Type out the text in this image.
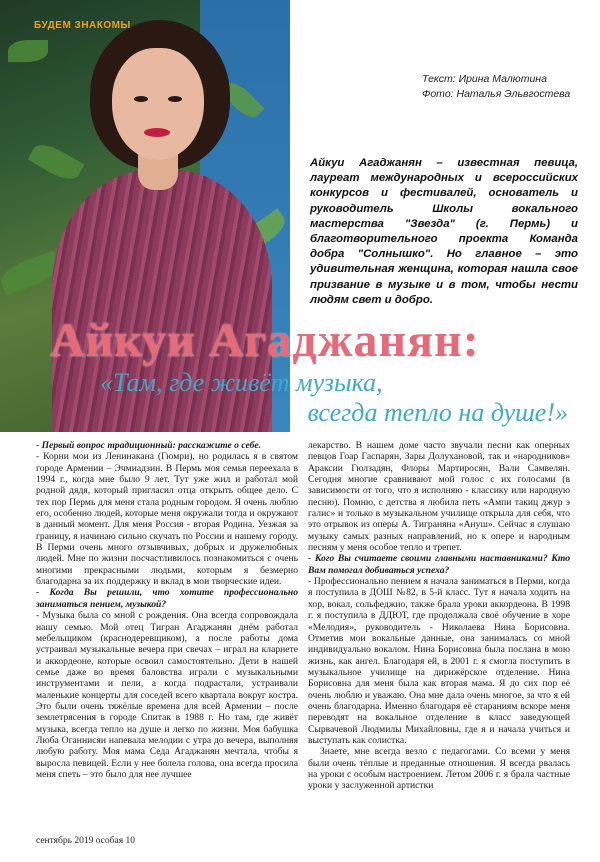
БУДЕМ ЗНАКОМЫ
Текст: Ирина Малютина
Фото: Наталья Эльвгостева
Айкуи Агаджанян – известная певица, лауреат международных и всероссийских конкурсов и фестивалей, основатель и руководитель Школы вокального мастерства "Звезда" (г. Пермь) и благотворительного проекта Команда добра "Солнышко". Но главное – это удивительная женщина, которая нашла свое призвание в музыке и в том, чтобы нести людям свет и добро.
Айкуи Агаджанян:
«Там, где живёт музыка,
всегда тепло на душе!»

- Первый вопрос традиционный: расскажите о себе.

- Корни мои из Ленинакана (Гюмри), но родилась я в святом городе Армении – Эчмиадзин. В Пермь моя семья переехала в 1994 г., когда мне было 9 лет. Тут уже жил и работал мой родной дядя, который пригласил отца открыть общее дело. С тех пор Пермь для меня стала родным городом. Я очень люблю его, особенно людей, которые меня окружали тогда и окружают в данный момент. Для меня Россия - вторая Родина. Уезжая за границу, я начинаю сильно скучать по России и нашему городу. В Перми очень много отзывчивых, добрых и дружелюбных людей. Мне по жизни посчастливилось познакомиться с очень многими прекрасными людьми, которым я безмерно благодарна за их поддержку и вклад в мои творческие идеи.

- Когда Вы решили, что хотите профессионально заниматься пением, музыкой?

- Музыка была со мной с рождения. Она всегда сопровождала нашу семью. Мой отец Тигран Агаджанян днём работал мебельщиком (краснодеревщиком), а после работы дома устраивал музыкальные вечера при свечах – играл на кларнете и аккордеоне, которые освоил самостоятельно. Дети в нашей семье даже во время баловства играли с музыкальными инструментами и пели, а когда подрастали, устраивали маленькие концерты для соседей всего квартала вокруг костра. Это были очень тяжёлые времена для всей Армении – после землетрясения в городе Спитак в 1988 г. Но там, где живёт музыка, всегда тепло на душе и легко по жизни. Моя бабушка Люба Оганнисян напевала мелодии с утра до вечера, выполняя любую работу. Моя мама Седа Агаджанян мечтала, чтобы я выросла певицей. Если у нее болела голова, она всегда просила меня спеть – это было для нее лучшее

лекарство. В нашем доме часто звучали песни как оперных певцов Гоар Гаспарян, Зары Долухановой, так и «народников» Араксии Гюлзадян, Флоры Мартиросян, Вали Самвелян. Сегодня многие сравнивают мой голос с их голосами (в зависимости от того, что я исполняю - классику или народную песню). Помню, с детства я любила петь «Ампи такиц джур э галис» и только в музыкальном училище открыла для себя, что это отрывок из оперы А. Тиграняна «Ануш». Сейчас я слушаю музыку самых разных направлений, но к опере и народным песням у меня особое тепло и трепет.

- Кого Вы считаете своими главными наставниками? Кто Вам помогал добиваться успеха?

- Профессионально пением я начала заниматься в Перми, когда я поступила в ДОШ №82, в 5-й класс. Тут я начала ходить на хор, вокал, сольфеджио, также брала уроки аккордеона. В 1998 г. я поступила в ДДЮТ, где продолжала своё обучение в хоре «Мелодия», руководитель - Николаева Нина Борисовна. Отметив мои вокальные данные, она занималась со мной индивидуально вокалом. Нина Борисовна была послана в мою жизнь, как ангел. Благодаря ей, в 2001 г. я смогла поступить в музыкальное училище на дирижёрское отделение. Нина Борисовна для меня была как вторая мама. Я до сих пор её очень люблю и уважаю. Она мне дала очень многое, за что я ей очень благодарна. Именно благодаря её стараниям вскоре меня переводят на вокальное отделение в класс заведующей Сырвачевой Людмилы Михайловны, где я и начала учиться и выступать как солистка.

Знаете, мне всегда везло с педагогами. Со всеми у меня были очень тёплые и преданные отношения. Я всегда рвалась на уроки с особым настроением. Летом 2006 г. я брала частные уроки у заслуженной артистки

сентябрь 2019 особая 10
